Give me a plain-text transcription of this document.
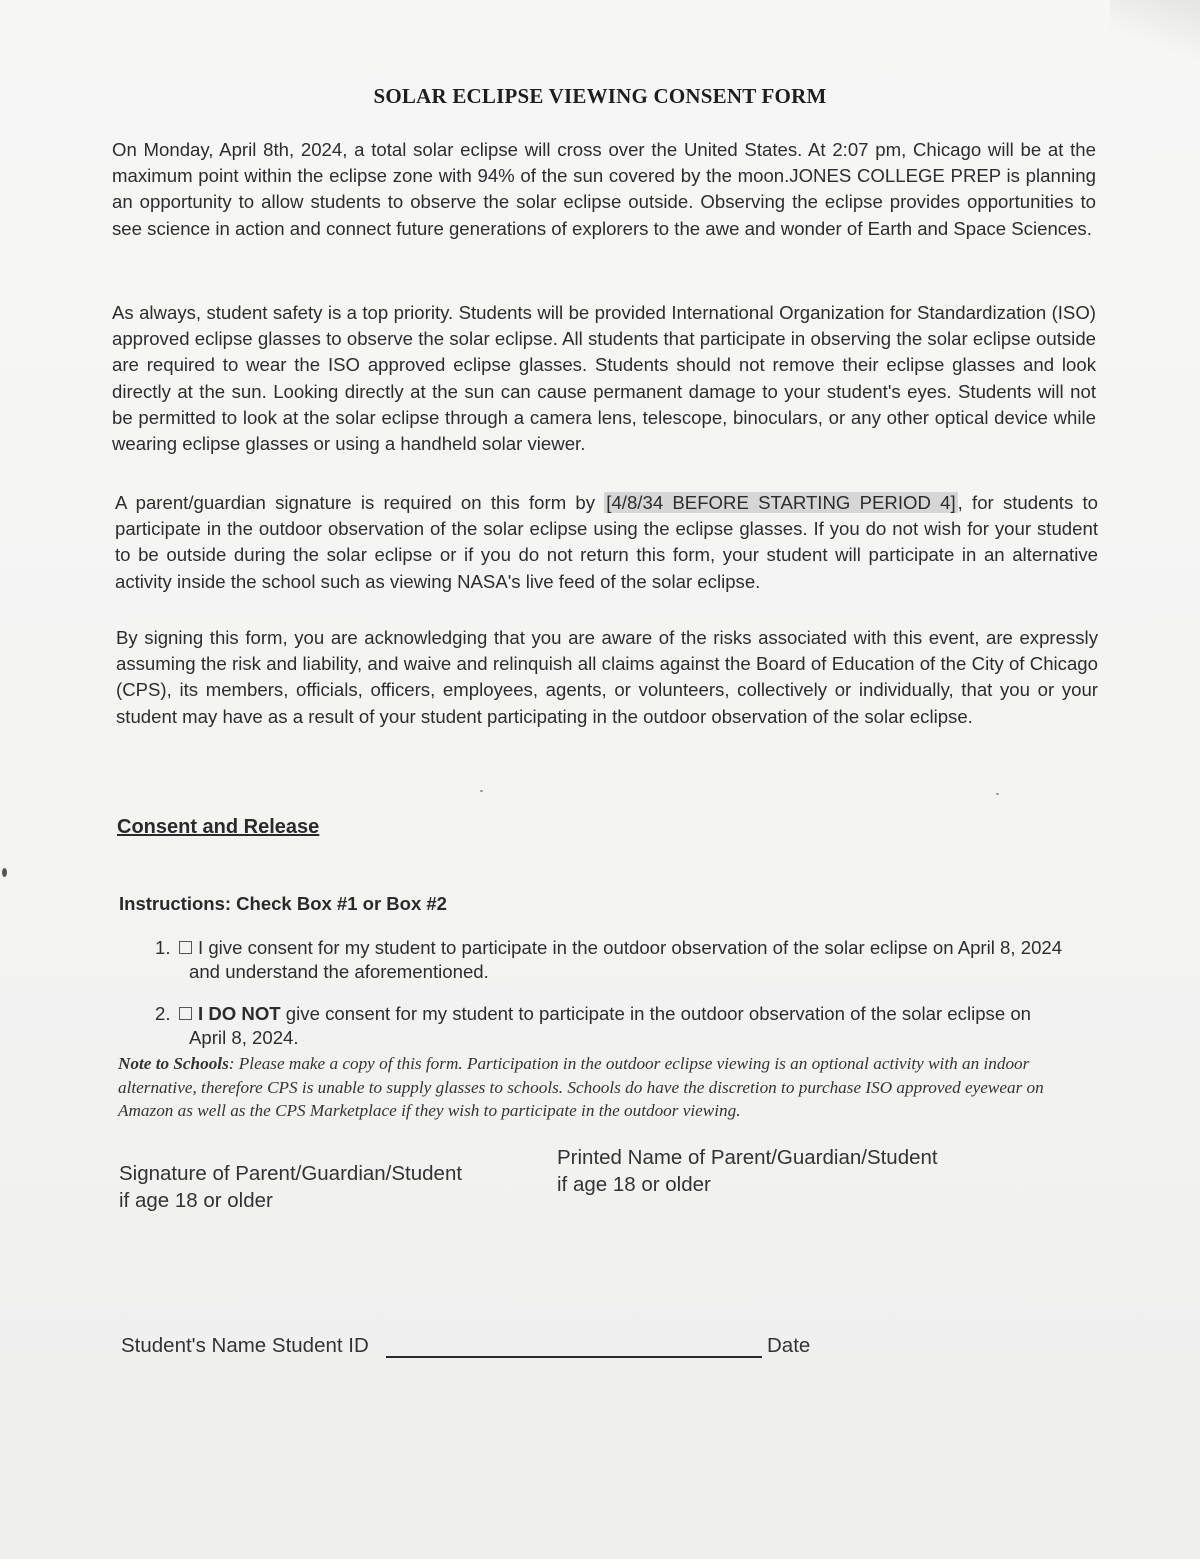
SOLAR ECLIPSE VIEWING CONSENT FORM
On Monday, April 8th, 2024, a total solar eclipse will cross over the United States. At 2:07 pm, Chicago will be at the maximum point within the eclipse zone with 94% of the sun covered by the moon.JONES COLLEGE PREP is planning an opportunity to allow students to observe the solar eclipse outside. Observing the eclipse provides opportunities to see science in action and connect future generations of explorers to the awe and wonder of Earth and Space Sciences.
As always, student safety is a top priority. Students will be provided International Organization for Standardization (ISO) approved eclipse glasses to observe the solar eclipse. All students that participate in observing the solar eclipse outside are required to wear the ISO approved eclipse glasses. Students should not remove their eclipse glasses and look directly at the sun. Looking directly at the sun can cause permanent damage to your student's eyes. Students will not be permitted to look at the solar eclipse through a camera lens, telescope, binoculars, or any other optical device while wearing eclipse glasses or using a handheld solar viewer.
A parent/guardian signature is required on this form by [4/8/34 BEFORE STARTING PERIOD 4] , for students to participate in the outdoor observation of the solar eclipse using the eclipse glasses. If you do not wish for your student to be outside during the solar eclipse or if you do not return this form, your student will participate in an alternative activity inside the school such as viewing NASA's live feed of the solar eclipse.
By signing this form, you are acknowledging that you are aware of the risks associated with this event, are expressly assuming the risk and liability, and waive and relinquish all claims against the Board of Education of the City of Chicago (CPS), its members, officials, officers, employees, agents, or volunteers, collectively or individually, that you or your student may have as a result of your student participating in the outdoor observation of the solar eclipse.
Consent and Release
Instructions: Check Box #1 or Box #2
1. I give consent for my student to participate in the outdoor observation of the solar eclipse on April 8, 2024
and understand the aforementioned.
2. I DO NOT give consent for my student to participate in the outdoor observation of the solar eclipse on
April 8, 2024.
Note to Schools: Please make a copy of this form. Participation in the outdoor eclipse viewing is an optional activity with an indoor alternative, therefore CPS is unable to supply glasses to schools. Schools do have the discretion to purchase ISO approved eyewear on Amazon as well as the CPS Marketplace if they wish to participate in the outdoor viewing.
Signature of Parent/Guardian/Student
if age 18 or older
Printed Name of Parent/Guardian/Student
if age 18 or older
Student's Name Student ID	Date
